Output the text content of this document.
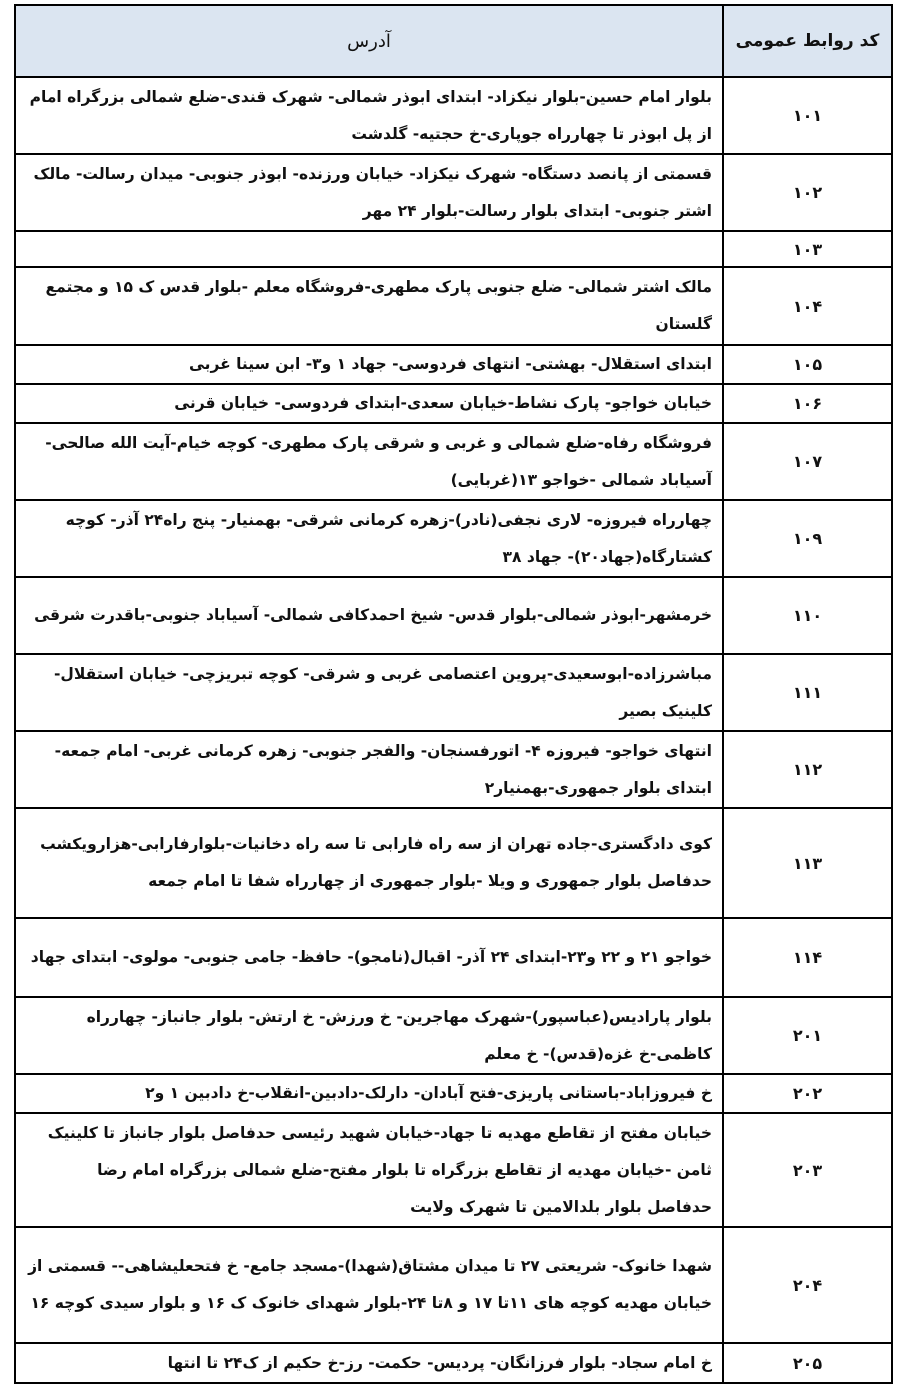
کد روابط عمومی	آدرس
۱۰۱	بلوار امام حسین-بلوار نیکزاد- ابتدای ابوذر شمالی- شهرک قندی-ضلع شمالی بزرگراه امام از پل ابوذر تا چهارراه جوپاری-خ حجتیه- گلدشت
۱۰۲	قسمتی از پانصد دستگاه- شهرک نیکزاد- خیابان ورزنده- ابوذر جنوبی- میدان رسالت- مالک اشتر جنوبی- ابتدای بلوار رسالت-بلوار ۲۴ مهر
۱۰۳	
۱۰۴	مالک اشتر شمالی- ضلع جنوبی پارک مطهری-فروشگاه معلم -بلوار قدس ک ۱۵ و مجتمع گلستان
۱۰۵	ابتدای استقلال- بهشتی- انتهای فردوسی- جهاد ۱ و۳- ابن سینا غربی
۱۰۶	خیابان خواجو- پارک نشاط-خیابان سعدی-ابتدای فردوسی- خیابان قرنی
۱۰۷	فروشگاه رفاه-ضلع شمالی و غربی و شرقی پارک مطهری- کوچه خیام-آیت الله صالحی- آسیاباد شمالی -خواجو ۱۳(غربایی)
۱۰۹	چهارراه فیروزه- لاری نجفی(نادر)-زهره کرمانی شرقی- بهمنیار- پنج راه۲۴ آذر- کوچه کشتارگاه(جهاد۲۰)- جهاد ۳۸
۱۱۰	خرمشهر-ابوذر شمالی-بلوار قدس- شیخ احمدکافی شمالی- آسیاباد جنوبی-باقدرت شرقی
۱۱۱	مباشرزاده-ابوسعیدی-پروین اعتصامی غربی و شرقی- کوچه تبریزچی- خیابان استقلال- کلینیک بصیر
۱۱۲	انتهای خواجو- فیروزه ۴- اتورفسنجان- والفجر جنوبی- زهره کرمانی غربی- امام جمعه- ابتدای بلوار جمهوری-بهمنیار۲
۱۱۳	کوی دادگستری-جاده تهران از سه راه فارابی تا سه راه دخانیات-بلوارفارابی-هزارویکشب حدفاصل بلوار جمهوری و ویلا -بلوار جمهوری از چهارراه شفا تا امام جمعه
۱۱۴	خواجو ۲۱ و ۲۲ و۲۳-ابتدای ۲۴ آذر- اقبال(نامجو)- حافظ- جامی جنوبی- مولوی- ابتدای جهاد
۲۰۱	بلوار پارادیس(عباسپور)-شهرک مهاجرین- خ ورزش- خ ارتش- بلوار جانباز- چهارراه کاظمی-خ غزه(قدس)- خ معلم
۲۰۲	خ فیروزاباد-باستانی پاریزی-فتح آبادان- دارلک-دادبین-انقلاب-خ دادبین ۱ و۲
۲۰۳	خیابان مفتح از تقاطع مهدیه تا جهاد-خیابان شهید رئیسی حدفاصل بلوار جانباز تا کلینیک ثامن -خیابان مهدیه از تقاطع بزرگراه تا بلوار مفتح-ضلع شمالی بزرگراه امام رضا حدفاصل بلوار بلدالامین تا شهرک ولایت
۲۰۴	شهدا خانوک- شریعتی ۲۷ تا میدان مشتاق(شهدا)-مسجد جامع- خ فتحعلیشاهی-- قسمتی از خیابان مهدیه کوچه های ۱۱تا ۱۷ و ۸تا ۲۴-بلوار شهدای خانوک ک ۱۶ و بلوار سیدی کوچه ۱۶
۲۰۵	خ امام سجاد- بلوار فرزانگان- پردیس- حکمت- رز-خ حکیم از ک۲۴ تا انتها
